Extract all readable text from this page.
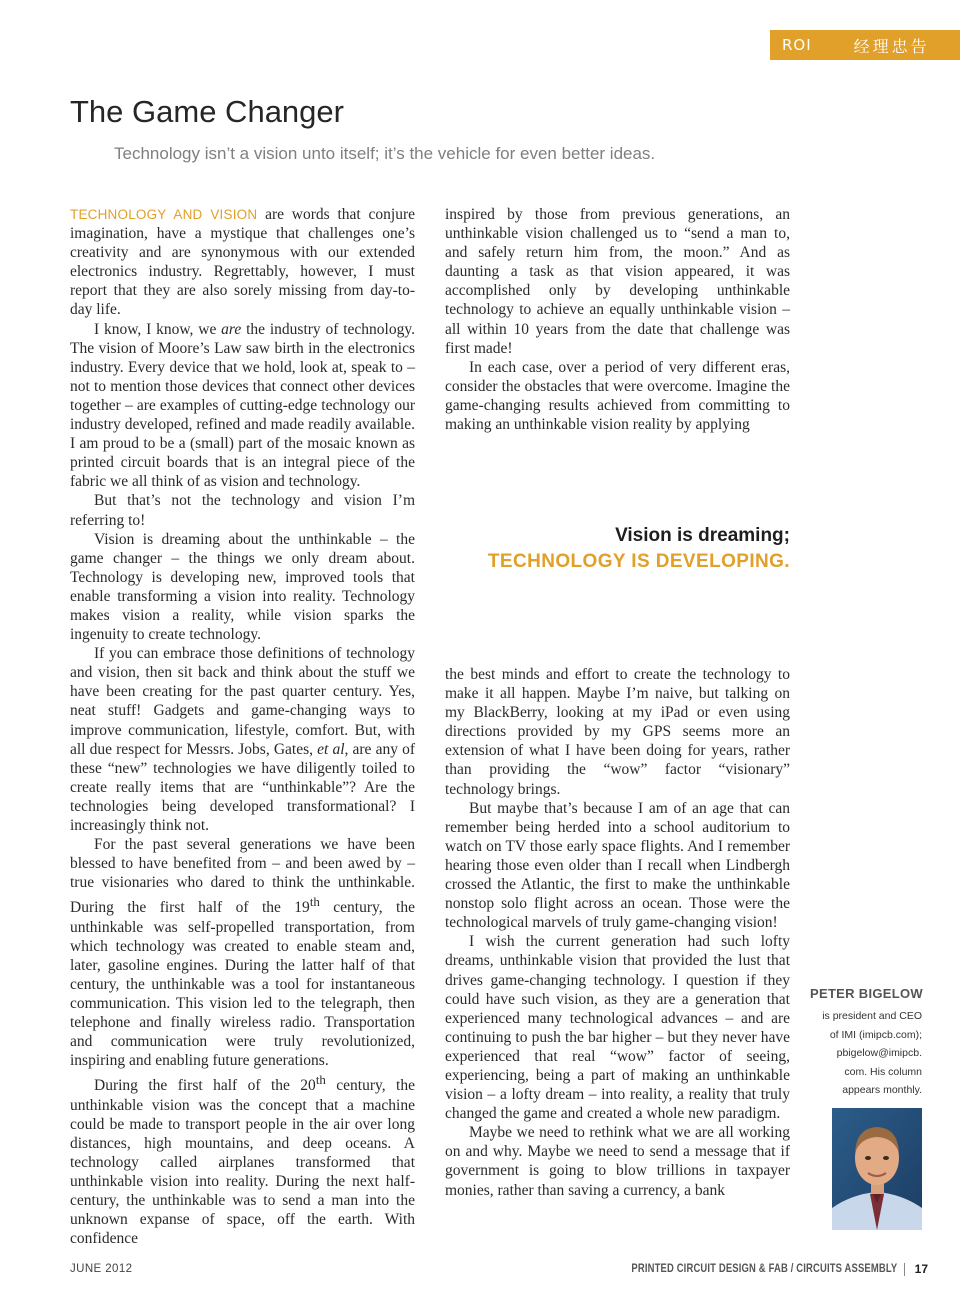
ROI	经理忠告
The Game Changer
Technology isn’t a vision unto itself; it’s the vehicle for even better ideas.

TECHNOLOGY AND VISION are words that conjure imagination, have a mystique that challenges one’s creativity and are synonymous with our extended electronics industry. Regrettably, however, I must report that they are also sorely missing from day-to-day life.

I know, I know, we are the industry of technology. The vision of Moore’s Law saw birth in the electronics industry. Every device that we hold, look at, speak to – not to mention those devices that connect other devices together – are examples of cutting-edge technology our industry developed, refined and made readily available. I am proud to be a (small) part of the mosaic known as printed circuit boards that is an integral piece of the fabric we all think of as vision and technology.

But that’s not the technology and vision I’m referring to!

Vision is dreaming about the unthinkable – the game changer – the things we only dream about. Technology is developing new, improved tools that enable transforming a vision into reality. Technology makes vision a reality, while vision sparks the ingenuity to create technology.

If you can embrace those definitions of technology and vision, then sit back and think about the stuff we have been creating for the past quarter century. Yes, neat stuff! Gadgets and game-changing ways to improve communication, lifestyle, comfort. But, with all due respect for Messrs. Jobs, Gates, et al, are any of these “new” technologies we have diligently toiled to create really items that are “unthinkable”? Are the technologies being developed transformational? I increasingly think not.

For the past several generations we have been blessed to have benefited from – and been awed by – true visionaries who dared to think the unthinkable. During the first half of the 19th century, the unthinkable was self-propelled transportation, from which technology was created to enable steam and, later, gasoline engines. During the latter half of that century, the unthinkable was a tool for instantaneous communication. This vision led to the telegraph, then telephone and finally wireless radio. Transportation and communication were truly revolutionized, inspiring and enabling future generations.

During the first half of the 20th century, the unthinkable vision was the concept that a machine could be made to transport people in the air over long distances, high mountains, and deep oceans. A technology called airplanes transformed that unthinkable vision into reality. During the next half-century, the unthinkable was to send a man into the unknown expanse of space, off the earth. With confidence

inspired by those from previous generations, an unthinkable vision challenged us to “send a man to, and safely return him from, the moon.” And as daunting a task as that vision appeared, it was accomplished only by developing unthinkable technology to achieve an equally unthinkable vision – all within 10 years from the date that challenge was first made!

In each case, over a period of very different eras, consider the obstacles that were overcome. Imagine the game-changing results achieved from committing to making an unthinkable vision reality by applying

Vision is dreaming;
TECHNOLOGY IS DEVELOPING.

the best minds and effort to create the technology to make it all happen. Maybe I’m naive, but talking on my BlackBerry, looking at my iPad or even using directions provided by my GPS seems more an extension of what I have been doing for years, rather than providing the “wow” factor “visionary” technology brings.

But maybe that’s because I am of an age that can remember being herded into a school auditorium to watch on TV those early space flights. And I remember hearing those even older than I recall when Lindbergh crossed the Atlantic, the first to make the unthinkable nonstop solo flight across an ocean. Those were the technological marvels of truly game-changing vision!

I wish the current generation had such lofty dreams, unthinkable vision that provided the lust that drives game-changing technology. I question if they could have such vision, as they are a generation that experienced many technological advances – and are continuing to push the bar higher – but they never have experienced that real “wow” factor of seeing, experiencing, being a part of making an unthinkable vision – a lofty dream – into reality, a reality that truly changed the game and created a whole new paradigm.

Maybe we need to rethink what we are all working on and why. Maybe we need to send a message that if government is going to blow trillions in taxpayer monies, rather than saving a currency, a bank

PETER BIGELOW
is president and CEO
of IMI (imipcb.com);
pbigelow@imipcb.
com. His column
appears monthly.
JUNE 2012	PRINTED CIRCUIT DESIGN & FAB / CIRCUITS ASSEMBLY 17
